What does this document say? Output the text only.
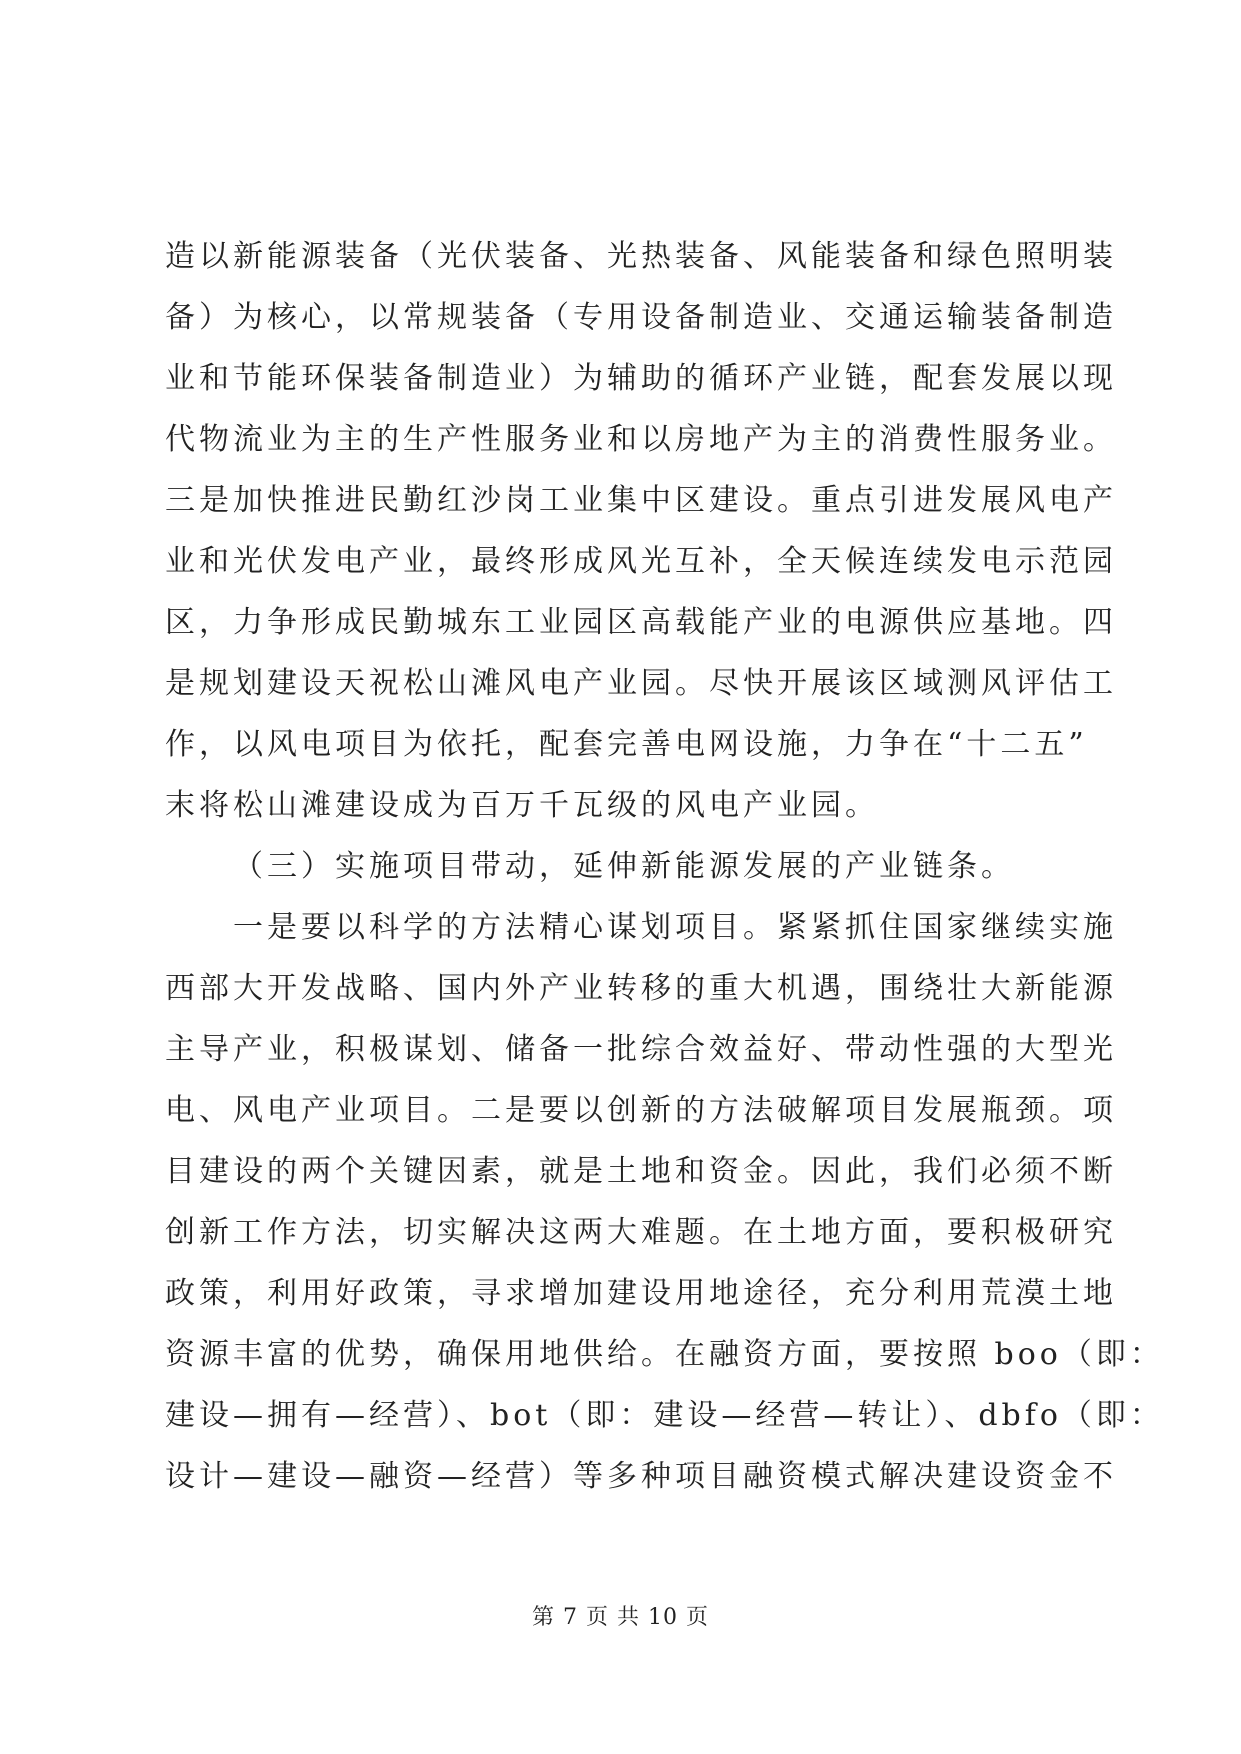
造以新能源装备（光伏装备、光热装备、风能装备和绿色照明装
备）为核心，以常规装备（专用设备制造业、交通运输装备制造
业和节能环保装备制造业）为辅助的循环产业链，配套发展以现
代物流业为主的生产性服务业和以房地产为主的消费性服务业。
三是加快推进民勤红沙岗工业集中区建设。重点引进发展风电产
业和光伏发电产业，最终形成风光互补，全天候连续发电示范园
区，力争形成民勤城东工业园区高载能产业的电源供应基地。四
是规划建设天祝松山滩风电产业园。尽快开展该区域测风评估工
作，以风电项目为依托，配套完善电网设施，力争在“十二五”
末将松山滩建设成为百万千瓦级的风电产业园。
（三）实施项目带动，延伸新能源发展的产业链条。
一是要以科学的方法精心谋划项目。紧紧抓住国家继续实施
西部大开发战略、国内外产业转移的重大机遇，围绕壮大新能源
主导产业，积极谋划、储备一批综合效益好、带动性强的大型光
电、风电产业项目。二是要以创新的方法破解项目发展瓶颈。项
目建设的两个关键因素，就是土地和资金。因此，我们必须不断
创新工作方法，切实解决这两大难题。在土地方面，要积极研究
政策，利用好政策，寻求增加建设用地途径，充分利用荒漠土地
资源丰富的优势，确保用地供给。在融资方面，要按照 boo（即：
建设—拥有—经营）、bot（即：建设—经营—转让）、dbfo（即：
设计—建设—融资—经营）等多种项目融资模式解决建设资金不
第 7 页 共 10 页
